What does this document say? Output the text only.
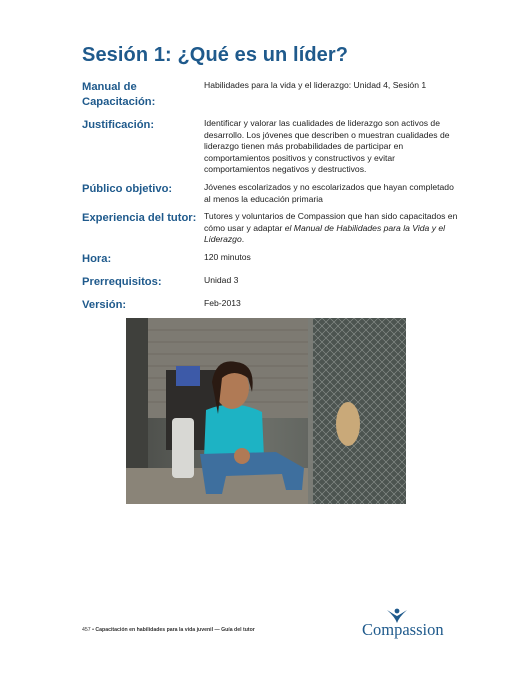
Sesión 1: ¿Qué es un líder?
Manual de Capacitación:
Habilidades para la vida y el liderazgo: Unidad 4, Sesión 1
Justificación:	Identificar y valorar las cualidades de liderazgo son activos de desarrollo. Los jóvenes que describen o muestran cualidades de liderazgo tienen más probabilidades de participar en comportamientos positivos y constructivos y evitar comportamientos negativos y destructivos.
Público objetivo:	Jóvenes escolarizados y no escolarizados que hayan completado al menos la educación primaria
Experiencia del tutor: Tutores y voluntarios de Compassion que han sido capacitados en cómo usar y adaptar el Manual de Habilidades para la Vida y el Liderazgo.
Hora:	120 minutos
Prerrequisitos:	Unidad 3
Versión:	Feb-2013
457 • Capacitación en habilidades para la vida juvenil — Guía del tutor	Compassion
